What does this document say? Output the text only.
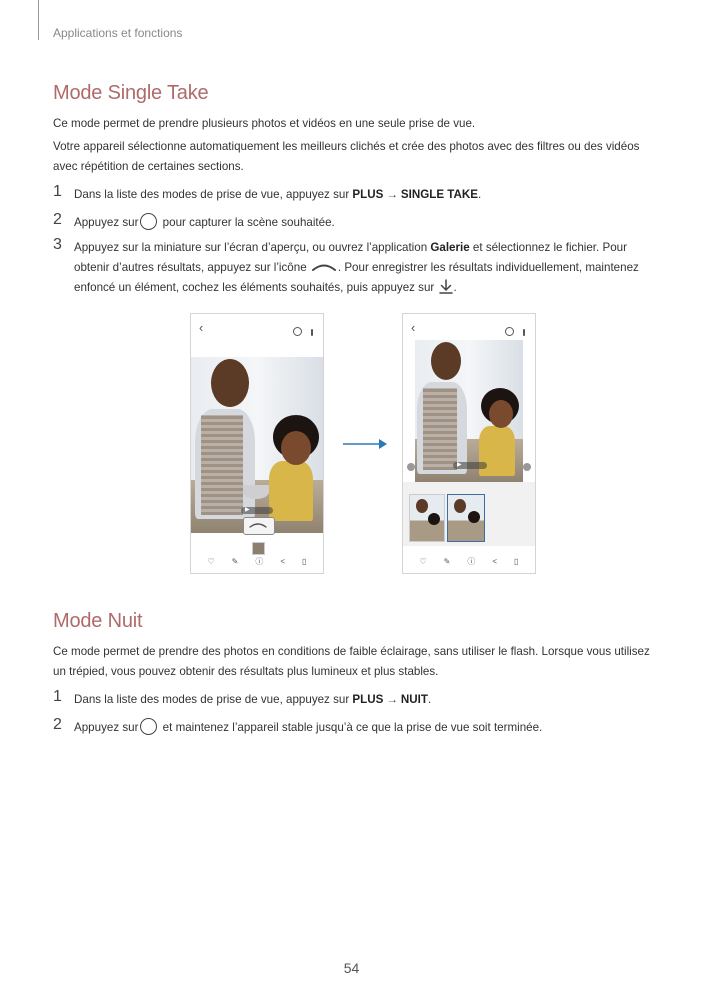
Applications et fonctions
Mode Single Take
Ce mode permet de prendre plusieurs photos et vidéos en une seule prise de vue.
Votre appareil sélectionne automatiquement les meilleurs clichés et crée des photos avec des filtres ou des vidéos avec répétition de certaines sections.
1 Dans la liste des modes de prise de vue, appuyez sur PLUS → SINGLE TAKE.
2 Appuyez sur pour capturer la scène souhaitée.
3 Appuyez sur la miniature sur l’écran d’aperçu, ou ouvrez l’application Galerie et sélectionnez le fichier. Pour obtenir d’autres résultats, appuyez sur l’icône . Pour enregistrer les résultats individuellement, maintenez enfoncé un élément, cochez les éléments souhaités, puis appuyez sur .
‹

▶
♡ ✎ ⓘ < ▯
‹

▶
♡ ✎ ⓘ < ▯
Mode Nuit
Ce mode permet de prendre des photos en conditions de faible éclairage, sans utiliser le flash. Lorsque vous utilisez un trépied, vous pouvez obtenir des résultats plus lumineux et plus stables.
1 Dans la liste des modes de prise de vue, appuyez sur PLUS → NUIT.
2 Appuyez sur et maintenez l’appareil stable jusqu’à ce que la prise de vue soit terminée.
54
